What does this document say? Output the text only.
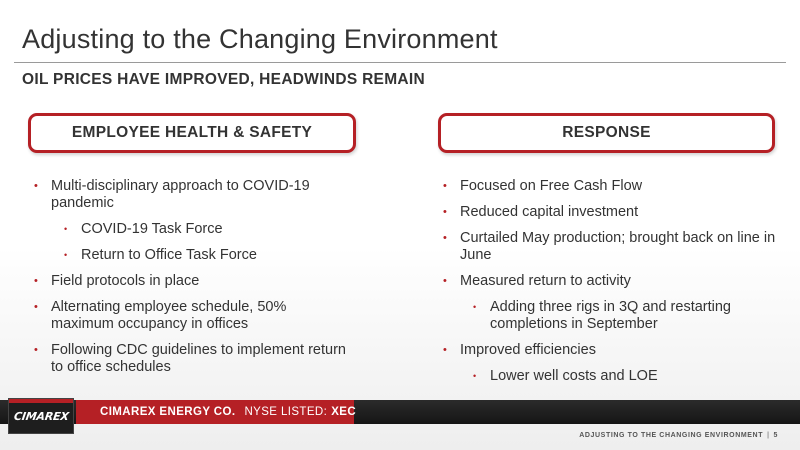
Adjusting to the Changing Environment
OIL PRICES HAVE IMPROVED, HEADWINDS REMAIN
EMPLOYEE HEALTH & SAFETY	RESPONSE
• Multi-disciplinary approach to COVID-19 pandemic
• COVID-19 Task Force
• Return to Office Task Force
• Field protocols in place
• Alternating employee schedule, 50% maximum occupancy in offices
• Following CDC guidelines to implement return to office schedules
• Focused on Free Cash Flow
• Reduced capital investment
• Curtailed May production; brought back on line in June
• Measured return to activity
• Adding three rigs in 3Q and restarting completions in September
• Improved efficiencies
• Lower well costs and LOE
CIMAREX ENERGY CO. NYSE LISTED: XEC
CIMAREX
ADJUSTING TO THE CHANGING ENVIRONMENT | 5
